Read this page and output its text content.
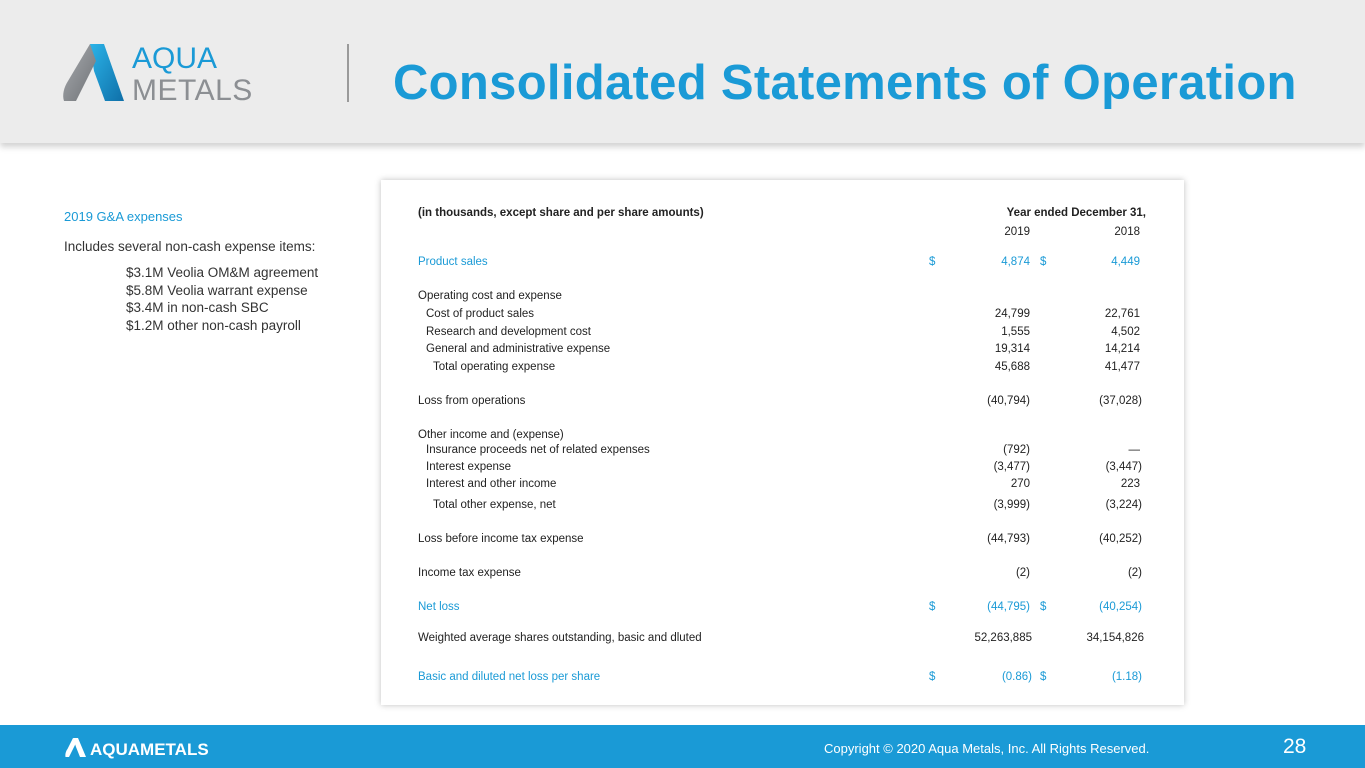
AQUA
METALS	Consolidated Statements of Operation
2019 G&A expenses
Includes several non-cash expense items:
$3.1M Veolia OM&M agreement
$5.8M Veolia warrant expense
$3.4M in non-cash SBC
$1.2M other non-cash payroll
(in thousands, except share and per share amounts)	Year ended December 31,
2019	2018
Product sales	$	4,874 $	4,449
Operating cost and expense
Cost of product sales	24,799	22,761
Research and development cost	1,555	4,502
General and administrative expense	19,314	14,214
Total operating expense	45,688	41,477
Loss from operations	(40,794)	(37,028)
Other income and (expense)
Insurance proceeds net of related expenses	(792)	—
Interest expense	(3,477)	(3,447)
Interest and other income	270	223
Total other expense, net	(3,999)	(3,224)
Loss before income tax expense	(44,793)	(40,252)
Income tax expense	(2)	(2)
Net loss	$	(44,795) $	(40,254)
Weighted average shares outstanding, basic and dluted	52,263,885	34,154,826
Basic and diluted net loss per share	$	(0.86) $	(1.18)
AQUAMETALS	Copyright © 2020 Aqua Metals, Inc. All Rights Reserved.	28
